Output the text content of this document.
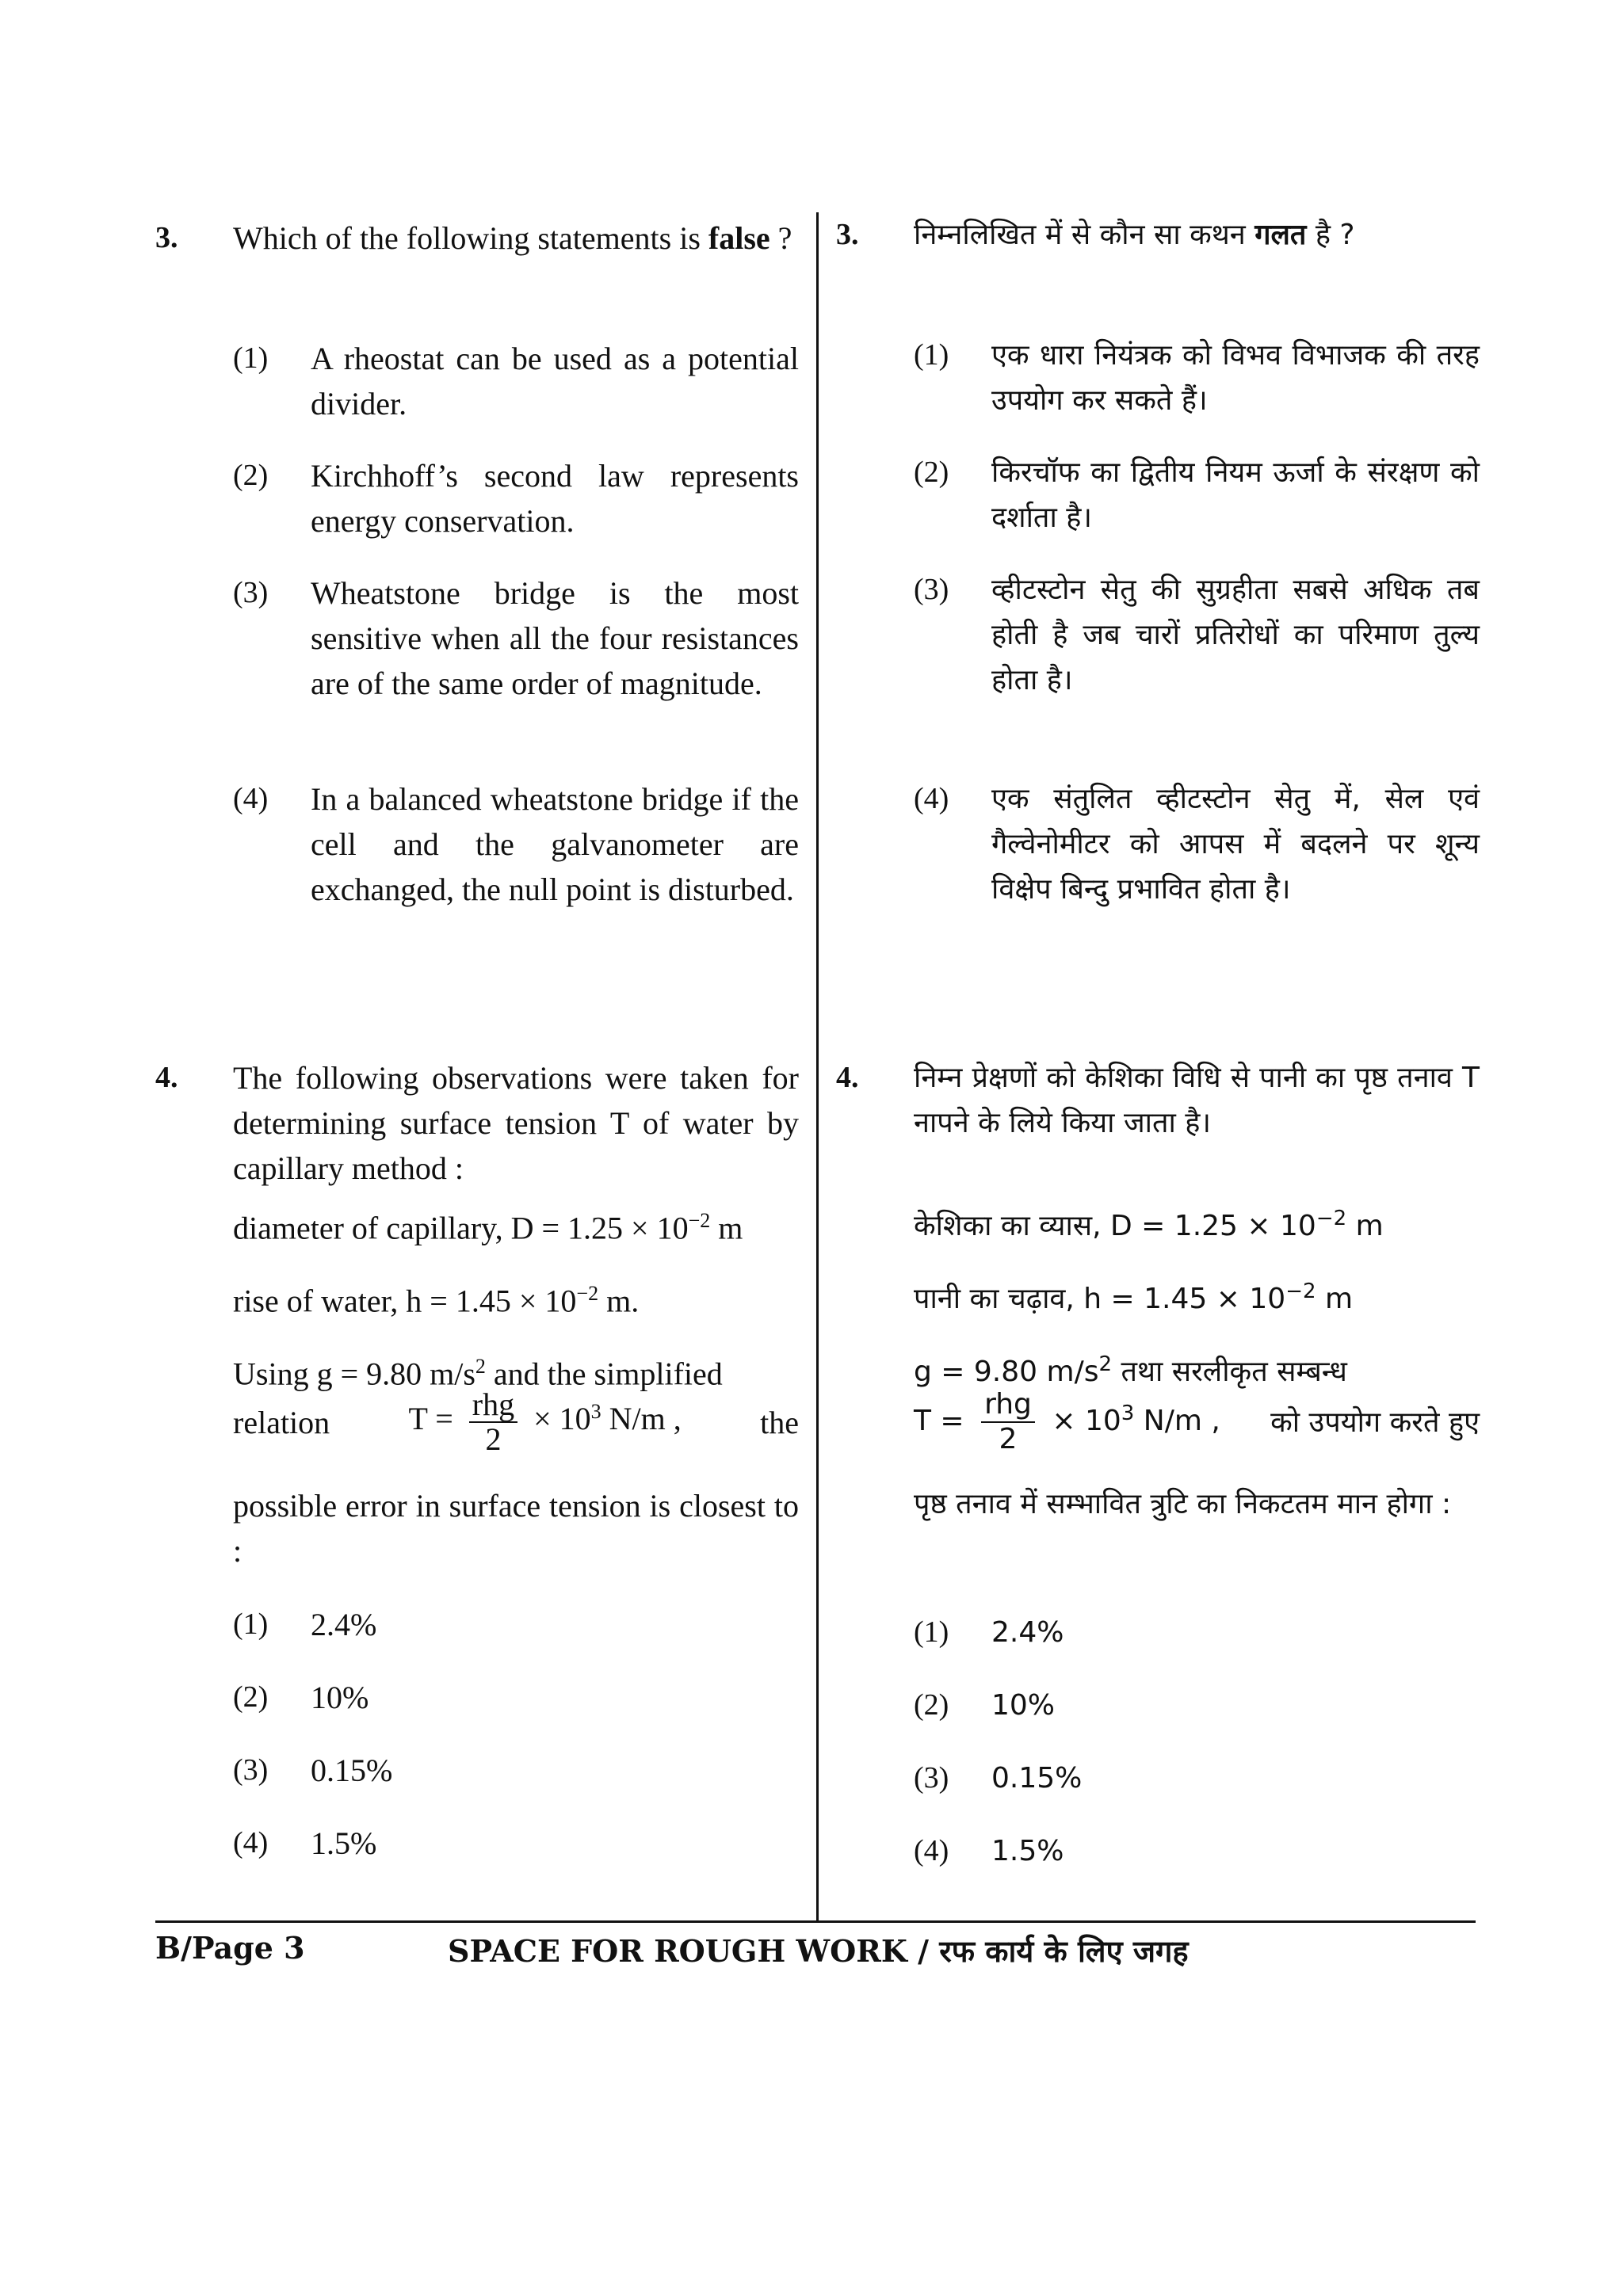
3. Which of the following statements is false ?
(1) A rheostat can be used as a potential divider.
(2) Kirchhoff’s second law represents energy conservation.
(3) Wheatstone bridge is the most sensitive when all the four resistances are of the same order of magnitude.
(4) In a balanced wheatstone bridge if the cell and the galvanometer are exchanged, the null point is disturbed.
4. The following observations were taken for determining surface tension T of water by capillary method :
diameter of capillary, $D = 1.25 \times 10^{-2}$ m
rise of water, $h = 1.45 \times 10^{-2}$ m.
Using g = 9.80 $m/s^2$ and the simplified
relation $T = \frac{\text{rhg}}{2} \times 10^3$ N/m , the
possible error in surface tension is closest to :
(1) 2.4%
(2) 10%
(3) 0.15%
(4) 1.5%
3. निम्नलिखित में से कौन सा कथन गलत है ?
(1) एक धारा नियंत्रक को विभव विभाजक की तरह उपयोग कर सकते हैं।
(2) किरचॉफ का द्वितीय नियम ऊर्जा के संरक्षण को दर्शाता है।
(3) व्हीटस्टोन सेतु की सुग्रहीता सबसे अधिक तब होती है जब चारों प्रतिरोधों का परिमाण तुल्य होता है।
(4) एक संतुलित व्हीटस्टोन सेतु में, सेल एवं गैल्वेनोमीटर को आपस में बदलने पर शून्य विक्षेप बिन्दु प्रभावित होता है।
4. निम्न प्रेक्षणों को केशिका विधि से पानी का पृष्ठ तनाव T नापने के लिये किया जाता है।
केशिका का व्यास, $D = 1.25 \times 10^{-2}$ m
पानी का चढ़ाव, $h = 1.45 \times 10^{-2}$ m
g = 9.80 $m/s^2$ तथा सरलीकृत सम्बन्ध
$T = \frac{\text{rhg}}{2} \times 10^3$ N/m , को उपयोग करते हुए
पृष्ठ तनाव में सम्भावित त्रुटि का निकटतम मान होगा :
(1) 2.4%
(2) 10%
(3) 0.15%
(4) 1.5%
B/Page 3	SPACE FOR ROUGH WORK / रफ कार्य के लिए जगह
